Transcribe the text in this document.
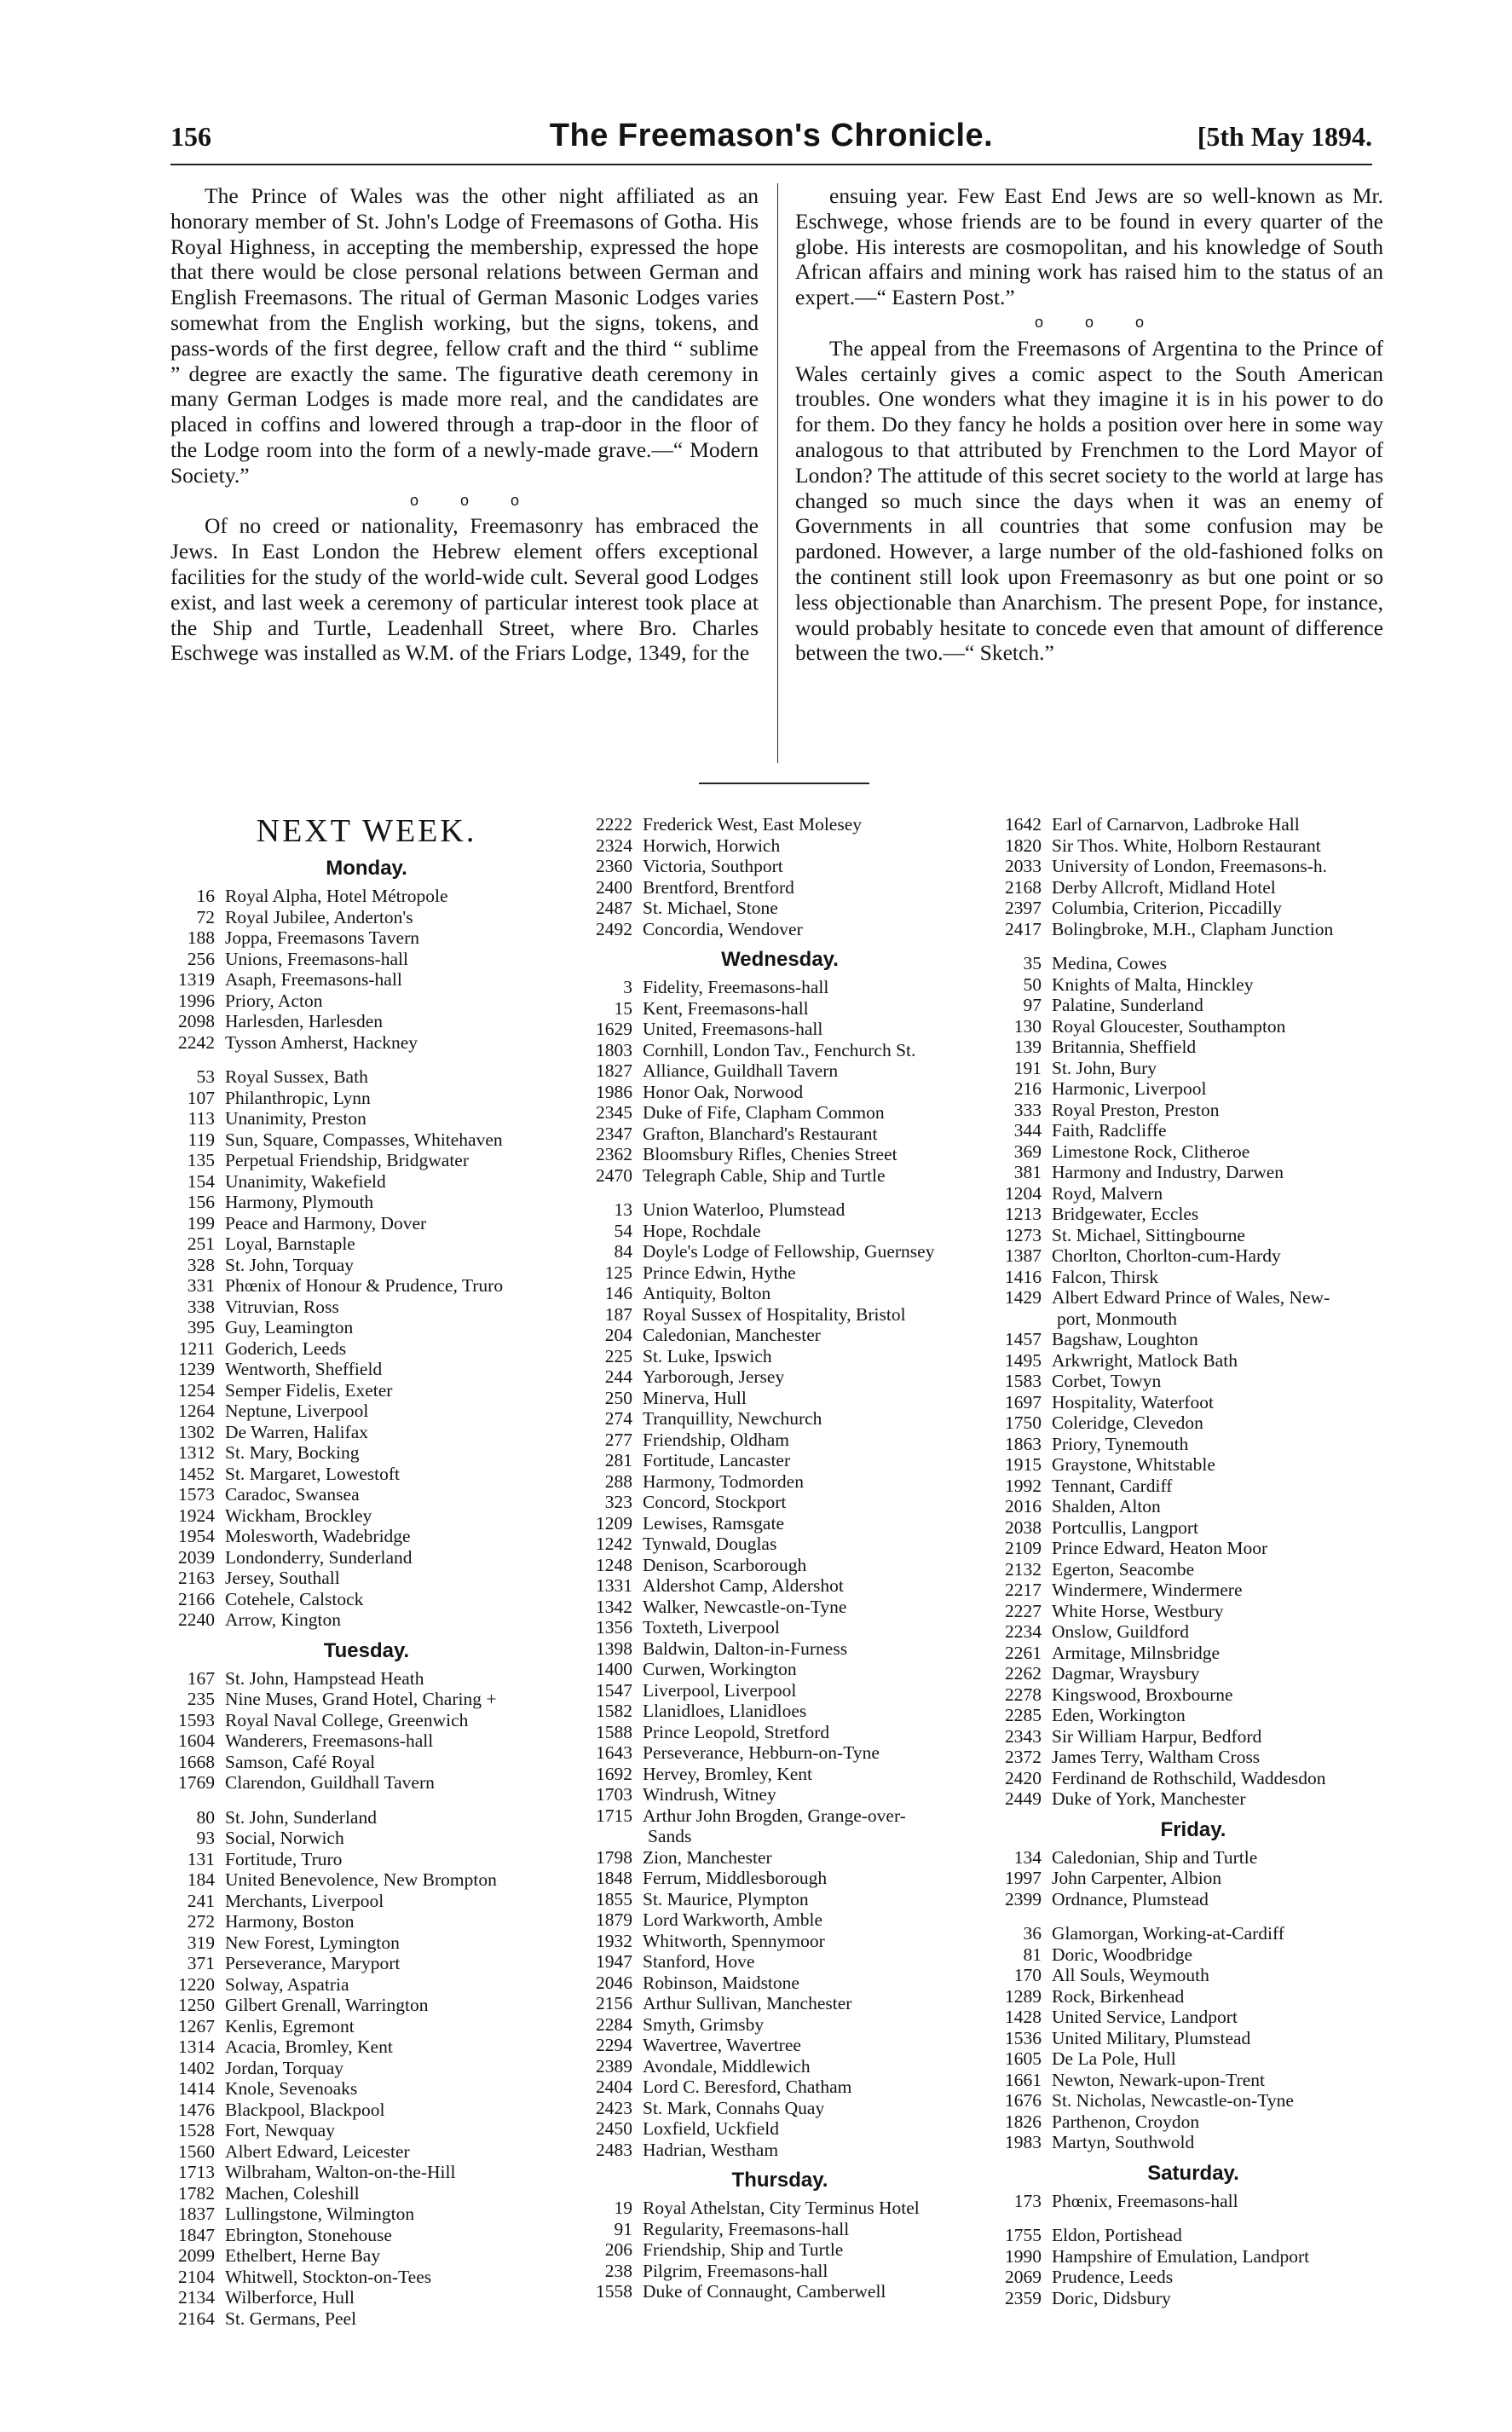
156	The Freemason's Chronicle.	[5th May 1894.

The Prince of Wales was the other night affiliated as an honorary member of St. John's Lodge of Freemasons of Gotha. His Royal Highness, in accepting the membership, expressed the hope that there would be close personal relations between German and English Freemasons. The ritual of German Masonic Lodges varies somewhat from the English working, but the signs, tokens, and pass-words of the first degree, fellow craft and the third “ sublime ” degree are exactly the same. The figurative death ceremony in many German Lodges is made more real, and the candidates are placed in coffins and lowered through a trap-door in the floor of the Lodge room into the form of a newly-made grave.—“ Modern Society.”

o o o

Of no creed or nationality, Freemasonry has embraced the Jews. In East London the Hebrew element offers exceptional facilities for the study of the world-wide cult. Several good Lodges exist, and last week a ceremony of particular interest took place at the Ship and Turtle, Leadenhall Street, where Bro. Charles Eschwege was installed as W.M. of the Friars Lodge, 1349, for the

ensuing year. Few East End Jews are so well-known as Mr. Eschwege, whose friends are to be found in every quarter of the globe. His interests are cosmopolitan, and his knowledge of South African affairs and mining work has raised him to the status of an expert.—“ Eastern Post.”

o o o

The appeal from the Freemasons of Argentina to the Prince of Wales certainly gives a comic aspect to the South American troubles. One wonders what they imagine it is in his power to do for them. Do they fancy he holds a position over here in some way analogous to that attributed by Frenchmen to the Lord Mayor of London? The attitude of this secret society to the world at large has changed so much since the days when it was an enemy of Governments in all countries that some confusion may be pardoned. However, a large number of the old-fashioned folks on the continent still look upon Freemasonry as but one point or so less objectionable than Anarchism. The present Pope, for instance, would probably hesitate to concede even that amount of difference between the two.—“ Sketch.”

NEXT WEEK.
Monday.
16 Royal Alpha, Hotel Métropole
72 Royal Jubilee, Anderton's
188 Joppa, Freemasons Tavern
256 Unions, Freemasons-hall
1319 Asaph, Freemasons-hall
1996 Priory, Acton
2098 Harlesden, Harlesden
2242 Tysson Amherst, Hackney
53 Royal Sussex, Bath
107 Philanthropic, Lynn
113 Unanimity, Preston
119 Sun, Square, Compasses, Whitehaven
135 Perpetual Friendship, Bridgwater
154 Unanimity, Wakefield
156 Harmony, Plymouth
199 Peace and Harmony, Dover
251 Loyal, Barnstaple
328 St. John, Torquay
331 Phœnix of Honour & Prudence, Truro
338 Vitruvian, Ross
395 Guy, Leamington
1211 Goderich, Leeds
1239 Wentworth, Sheffield
1254 Semper Fidelis, Exeter
1264 Neptune, Liverpool
1302 De Warren, Halifax
1312 St. Mary, Bocking
1452 St. Margaret, Lowestoft
1573 Caradoc, Swansea
1924 Wickham, Brockley
1954 Molesworth, Wadebridge
2039 Londonderry, Sunderland
2163 Jersey, Southall
2166 Cotehele, Calstock
2240 Arrow, Kington
Tuesday.
167 St. John, Hampstead Heath
235 Nine Muses, Grand Hotel, Charing +
1593 Royal Naval College, Greenwich
1604 Wanderers, Freemasons-hall
1668 Samson, Café Royal
1769 Clarendon, Guildhall Tavern
80 St. John, Sunderland
93 Social, Norwich
131 Fortitude, Truro
184 United Benevolence, New Brompton
241 Merchants, Liverpool
272 Harmony, Boston
319 New Forest, Lymington
371 Perseverance, Maryport
1220 Solway, Aspatria
1250 Gilbert Grenall, Warrington
1267 Kenlis, Egremont
1314 Acacia, Bromley, Kent
1402 Jordan, Torquay
1414 Knole, Sevenoaks
1476 Blackpool, Blackpool
1528 Fort, Newquay
1560 Albert Edward, Leicester
1713 Wilbraham, Walton-on-the-Hill
1782 Machen, Coleshill
1837 Lullingstone, Wilmington
1847 Ebrington, Stonehouse
2099 Ethelbert, Herne Bay
2104 Whitwell, Stockton-on-Tees
2134 Wilberforce, Hull
2164 St. Germans, Peel
2222 Frederick West, East Molesey
2324 Horwich, Horwich
2360 Victoria, Southport
2400 Brentford, Brentford
2487 St. Michael, Stone
2492 Concordia, Wendover
Wednesday.
3 Fidelity, Freemasons-hall
15 Kent, Freemasons-hall
1629 United, Freemasons-hall
1803 Cornhill, London Tav., Fenchurch St.
1827 Alliance, Guildhall Tavern
1986 Honor Oak, Norwood
2345 Duke of Fife, Clapham Common
2347 Grafton, Blanchard's Restaurant
2362 Bloomsbury Rifles, Chenies Street
2470 Telegraph Cable, Ship and Turtle
13 Union Waterloo, Plumstead
54 Hope, Rochdale
84 Doyle's Lodge of Fellowship, Guernsey
125 Prince Edwin, Hythe
146 Antiquity, Bolton
187 Royal Sussex of Hospitality, Bristol
204 Caledonian, Manchester
225 St. Luke, Ipswich
244 Yarborough, Jersey
250 Minerva, Hull
274 Tranquillity, Newchurch
277 Friendship, Oldham
281 Fortitude, Lancaster
288 Harmony, Todmorden
323 Concord, Stockport
1209 Lewises, Ramsgate
1242 Tynwald, Douglas
1248 Denison, Scarborough
1331 Aldershot Camp, Aldershot
1342 Walker, Newcastle-on-Tyne
1356 Toxteth, Liverpool
1398 Baldwin, Dalton-in-Furness
1400 Curwen, Workington
1547 Liverpool, Liverpool
1582 Llanidloes, Llanidloes
1588 Prince Leopold, Stretford
1643 Perseverance, Hebburn-on-Tyne
1692 Hervey, Bromley, Kent
1703 Windrush, Witney
1715 Arthur John Brogden, Grange-over-
Sands
1798 Zion, Manchester
1848 Ferrum, Middlesborough
1855 St. Maurice, Plympton
1879 Lord Warkworth, Amble
1932 Whitworth, Spennymoor
1947 Stanford, Hove
2046 Robinson, Maidstone
2156 Arthur Sullivan, Manchester
2284 Smyth, Grimsby
2294 Wavertree, Wavertree
2389 Avondale, Middlewich
2404 Lord C. Beresford, Chatham
2423 St. Mark, Connahs Quay
2450 Loxfield, Uckfield
2483 Hadrian, Westham
Thursday.
19 Royal Athelstan, City Terminus Hotel
91 Regularity, Freemasons-hall
206 Friendship, Ship and Turtle
238 Pilgrim, Freemasons-hall
1558 Duke of Connaught, Camberwell
1642 Earl of Carnarvon, Ladbroke Hall
1820 Sir Thos. White, Holborn Restaurant
2033 University of London, Freemasons-h.
2168 Derby Allcroft, Midland Hotel
2397 Columbia, Criterion, Piccadilly
2417 Bolingbroke, M.H., Clapham Junction
35 Medina, Cowes
50 Knights of Malta, Hinckley
97 Palatine, Sunderland
130 Royal Gloucester, Southampton
139 Britannia, Sheffield
191 St. John, Bury
216 Harmonic, Liverpool
333 Royal Preston, Preston
344 Faith, Radcliffe
369 Limestone Rock, Clitheroe
381 Harmony and Industry, Darwen
1204 Royd, Malvern
1213 Bridgewater, Eccles
1273 St. Michael, Sittingbourne
1387 Chorlton, Chorlton-cum-Hardy
1416 Falcon, Thirsk
1429 Albert Edward Prince of Wales, New-
port, Monmouth
1457 Bagshaw, Loughton
1495 Arkwright, Matlock Bath
1583 Corbet, Towyn
1697 Hospitality, Waterfoot
1750 Coleridge, Clevedon
1863 Priory, Tynemouth
1915 Graystone, Whitstable
1992 Tennant, Cardiff
2016 Shalden, Alton
2038 Portcullis, Langport
2109 Prince Edward, Heaton Moor
2132 Egerton, Seacombe
2217 Windermere, Windermere
2227 White Horse, Westbury
2234 Onslow, Guildford
2261 Armitage, Milnsbridge
2262 Dagmar, Wraysbury
2278 Kingswood, Broxbourne
2285 Eden, Workington
2343 Sir William Harpur, Bedford
2372 James Terry, Waltham Cross
2420 Ferdinand de Rothschild, Waddesdon
2449 Duke of York, Manchester
Friday.
134 Caledonian, Ship and Turtle
1997 John Carpenter, Albion
2399 Ordnance, Plumstead
36 Glamorgan, Working-at-Cardiff
81 Doric, Woodbridge
170 All Souls, Weymouth
1289 Rock, Birkenhead
1428 United Service, Landport
1536 United Military, Plumstead
1605 De La Pole, Hull
1661 Newton, Newark-upon-Trent
1676 St. Nicholas, Newcastle-on-Tyne
1826 Parthenon, Croydon
1983 Martyn, Southwold
Saturday.
173 Phœnix, Freemasons-hall
1755 Eldon, Portishead
1990 Hampshire of Emulation, Landport
2069 Prudence, Leeds
2359 Doric, Didsbury
